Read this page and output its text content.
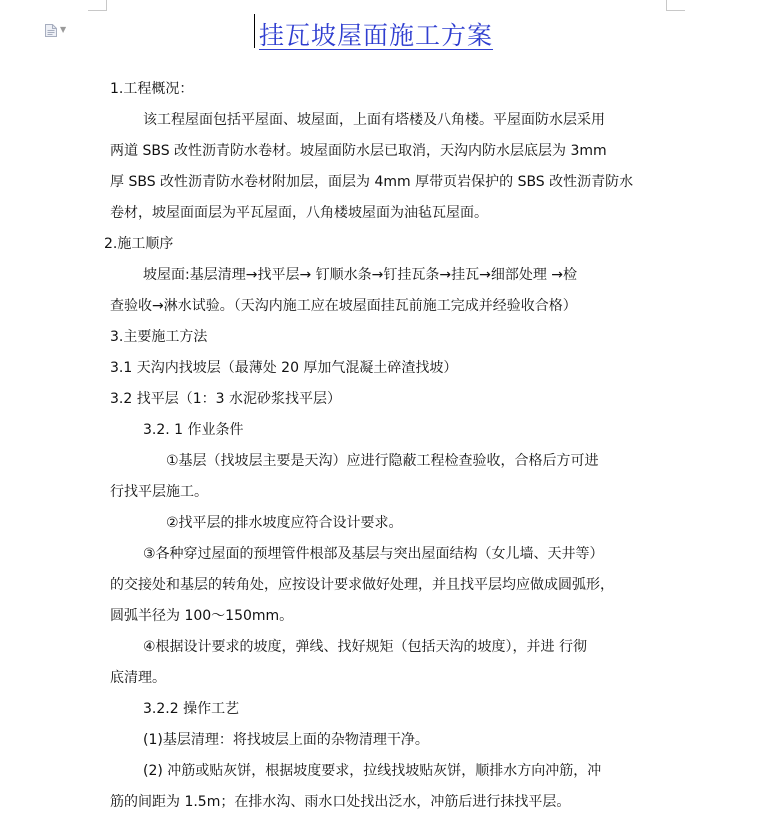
▼	挂瓦坡屋面施工方案
1.工程概况：
该工程屋面包括平屋面、坡屋面，上面有塔楼及八角楼。平屋面防水层采用
两道 SBS 改性沥青防水卷材。坡屋面防水层已取消，天沟内防水层底层为 3mm
厚 SBS 改性沥青防水卷材附加层，面层为 4mm 厚带页岩保护的 SBS 改性沥青防水
卷材，坡屋面面层为平瓦屋面，八角楼坡屋面为油毡瓦屋面。
2.施工顺序
坡屋面:基层清理→找平层→ 钉顺水条→钉挂瓦条→挂瓦→细部处理 →检
查验收→淋水试验。（天沟内施工应在坡屋面挂瓦前施工完成并经验收合格）
3.主要施工方法
3.1 天沟内找坡层（最薄处 20 厚加气混凝土碎渣找坡）
3.2 找平层（1：3 水泥砂浆找平层）
3.2. 1 作业条件
①基层（找坡层主要是天沟）应进行隐蔽工程检查验收，合格后方可进
行找平层施工。
②找平层的排水坡度应符合设计要求。
③各种穿过屋面的预埋管件根部及基层与突出屋面结构（女儿墙、天井等）
的交接处和基层的转角处，应按设计要求做好处理，并且找平层均应做成圆弧形，
圆弧半径为 100～150mm。
④根据设计要求的坡度，弹线、找好规矩（包括天沟的坡度），并进 行彻
底清理。
3.2.2 操作工艺
(1)基层清理：将找坡层上面的杂物清理干净。
(2) 冲筋或贴灰饼，根据坡度要求，拉线找坡贴灰饼，顺排水方向冲筋，冲
筋的间距为 1.5m；在排水沟、雨水口处找出泛水，冲筋后进行抹找平层。
